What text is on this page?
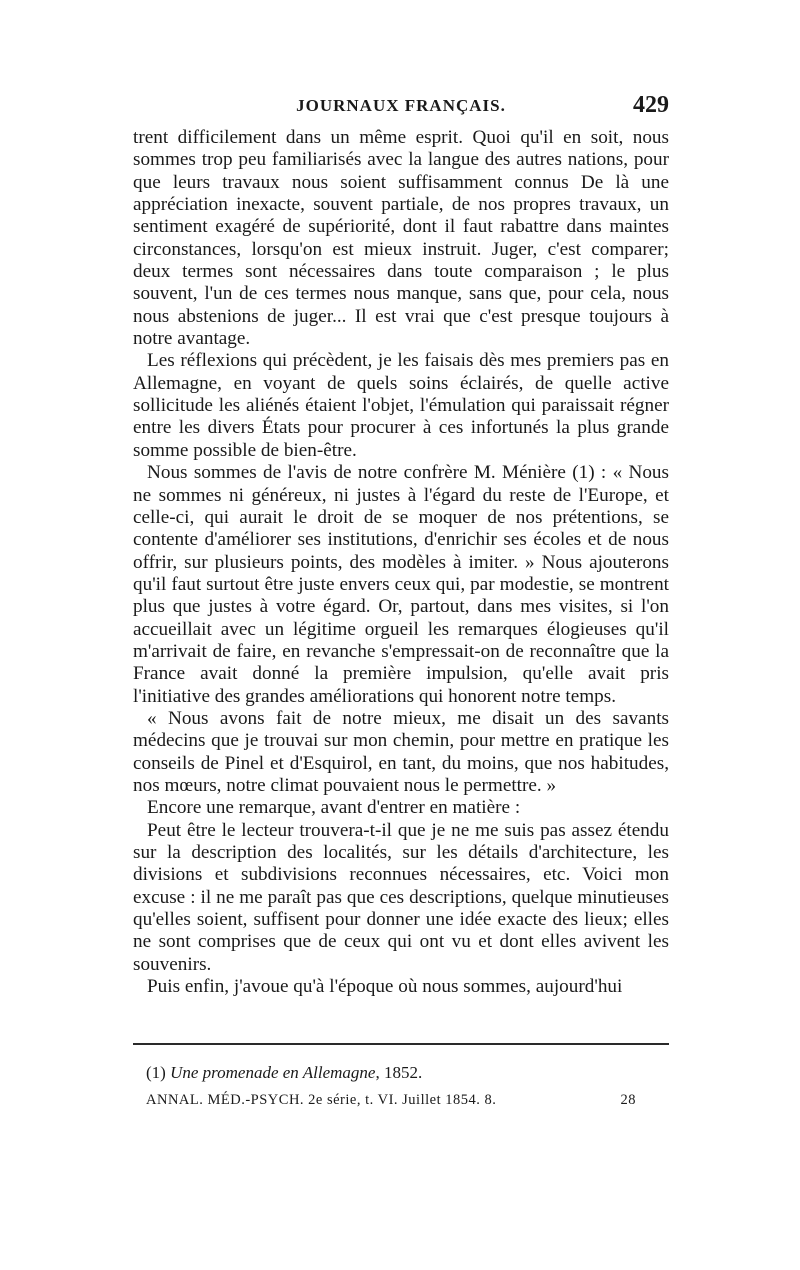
JOURNAUX FRANÇAIS.	429

trent difficilement dans un même esprit. Quoi qu'il en soit, nous sommes trop peu familiarisés avec la langue des autres nations, pour que leurs travaux nous soient suffisamment connus De là une appréciation inexacte, souvent partiale, de nos propres travaux, un sentiment exagéré de supériorité, dont il faut rabattre dans maintes circonstances, lorsqu'on est mieux instruit. Juger, c'est comparer; deux termes sont nécessaires dans toute comparaison ; le plus souvent, l'un de ces termes nous manque, sans que, pour cela, nous nous abstenions de juger... Il est vrai que c'est presque toujours à notre avantage.

Les réflexions qui précèdent, je les faisais dès mes premiers pas en Allemagne, en voyant de quels soins éclairés, de quelle active sollicitude les aliénés étaient l'objet, l'émulation qui paraissait régner entre les divers États pour procurer à ces infortunés la plus grande somme possible de bien-être.

Nous sommes de l'avis de notre confrère M. Ménière (1) : « Nous ne sommes ni généreux, ni justes à l'égard du reste de l'Europe, et celle-ci, qui aurait le droit de se moquer de nos prétentions, se contente d'améliorer ses institutions, d'enrichir ses écoles et de nous offrir, sur plusieurs points, des modèles à imiter. » Nous ajouterons qu'il faut surtout être juste envers ceux qui, par modestie, se montrent plus que justes à votre égard. Or, partout, dans mes visites, si l'on accueillait avec un légitime orgueil les remarques élogieuses qu'il m'arrivait de faire, en revanche s'empressait-on de reconnaître que la France avait donné la première impulsion, qu'elle avait pris l'initiative des grandes améliorations qui honorent notre temps.

« Nous avons fait de notre mieux, me disait un des savants médecins que je trouvai sur mon chemin, pour mettre en pratique les conseils de Pinel et d'Esquirol, en tant, du moins, que nos habitudes, nos mœurs, notre climat pouvaient nous le permettre. »

Encore une remarque, avant d'entrer en matière :

Peut être le lecteur trouvera-t-il que je ne me suis pas assez étendu sur la description des localités, sur les détails d'architecture, les divisions et subdivisions reconnues nécessaires, etc. Voici mon excuse : il ne me paraît pas que ces descriptions, quelque minutieuses qu'elles soient, suffisent pour donner une idée exacte des lieux; elles ne sont comprises que de ceux qui ont vu et dont elles avivent les souvenirs.

Puis enfin, j'avoue qu'à l'époque où nous sommes, aujourd'hui

(1) Une promenade en Allemagne, 1852.
ANNAL. MÉD.-PSYCH. 2e série, t. VI. Juillet 1854. 8.	28
